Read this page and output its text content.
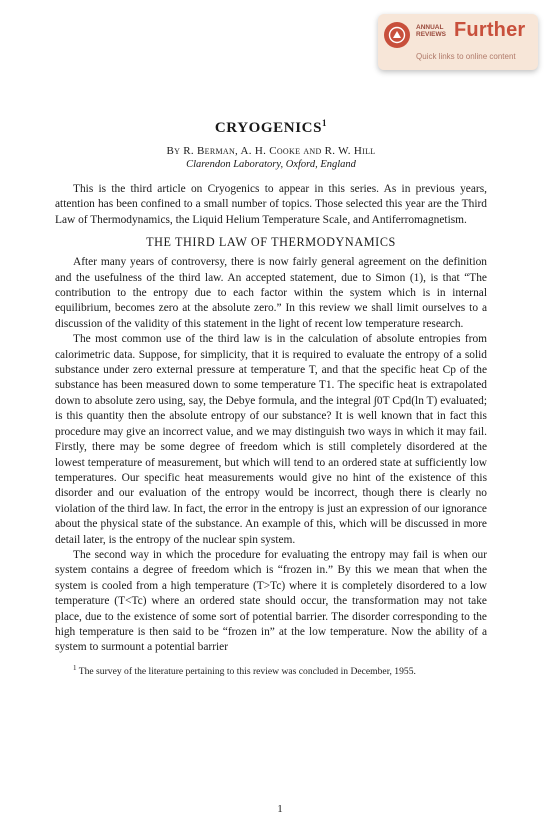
ANNUAL REVIEWS Further
Quick links to online content
CRYOGENICS$^1$
By R. Berman, A. H. Cooke and R. W. Hill
Clarendon Laboratory, Oxford, England

This is the third article on Cryogenics to appear in this series. As in previous years, attention has been confined to a small number of topics. Those selected this year are the Third Law of Thermodynamics, the Liquid Helium Temperature Scale, and Antiferromagnetism.

THE THIRD LAW OF THERMODYNAMICS

After many years of controversy, there is now fairly general agreement on the definition and the usefulness of the third law. An accepted statement, due to Simon (1), is that “The contribution to the entropy due to each factor within the system which is in internal equilibrium, becomes zero at the absolute zero.” In this review we shall limit ourselves to a discussion of the validity of this statement in the light of recent low temperature research.

The most common use of the third law is in the calculation of absolute entropies from calorimetric data. Suppose, for simplicity, that it is required to evaluate the entropy of a solid substance under zero external pressure at temperature T, and that the specific heat Cp of the substance has been measured down to some temperature T1. The specific heat is extrapolated down to absolute zero using, say, the Debye formula, and the integral ∫0T Cpd(ln T) evaluated; is this quantity then the absolute entropy of our substance? It is well known that in fact this procedure may give an incorrect value, and we may distinguish two ways in which it may fail. Firstly, there may be some degree of freedom which is still completely disordered at the lowest temperature of measurement, but which will tend to an ordered state at sufficiently low temperatures. Our specific heat measurements would give no hint of the existence of this disorder and our evaluation of the entropy would be incorrect, though there is clearly no violation of the third law. In fact, the error in the entropy is just an expression of our ignorance about the physical state of the substance. An example of this, which will be discussed in more detail later, is the entropy of the nuclear spin system.

The second way in which the procedure for evaluating the entropy may fail is when our system contains a degree of freedom which is “frozen in.” By this we mean that when the system is cooled from a high temperature (T>Tc) where it is completely disordered to a low temperature (T<Tc) where an ordered state should occur, the transformation may not take place, due to the existence of some sort of potential barrier. The disorder corresponding to the high temperature is then said to be “frozen in” at the low temperature. Now the ability of a system to surmount a potential barrier

$^1$ The survey of the literature pertaining to this review was concluded in December, 1955.
1
